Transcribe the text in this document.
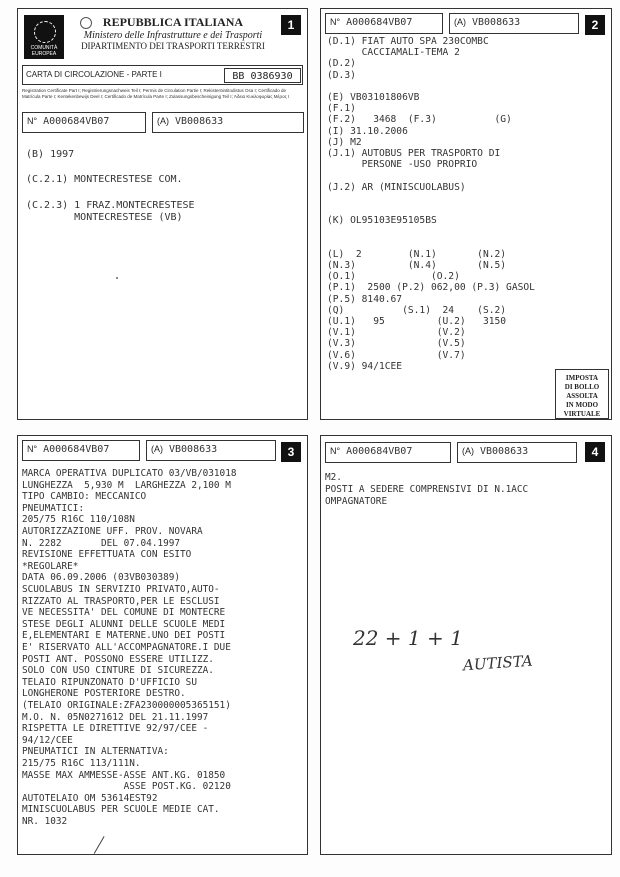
COMUNITÀ EUROPEA
REPUBBLICA ITALIANA
Ministero delle Infrastrutture e dei Trasporti
DIPARTIMENTO DEI TRASPORTI TERRESTRI
1
CARTA DI CIRCOLAZIONE - PARTE I	BB 0386930
Registration Certificate Part I; Registrierungsnachweis Teil I; Permis de Circulation Partie I; Rekisteröintitodistus Osa I; Certificado de Matrícula Parte I; Kentekenbewijs Deel I; Certificado de Matrícula Parte I; Zulassungsbescheinigung Teil I; Άδεια Κυκλοφορίας Μέρος I
N° A000684VB07	(A) VB008633
(B) 1997
(C.2.1) MONTECRESTESE COM.
(C.2.3) 1 FRAZ.MONTECRESTESE
MONTECRESTESE (VB)
2
N° A000684VB07	(A) VB008633
(D.1) FIAT AUTO SPA 230COMBC
CACCIAMALI-TEMA 2
(D.2)
(D.3)
(E) VB03101806VB
(F.1)
(F.2)   3468  (F.3)          (G)
(I) 31.10.2006
(J) M2
(J.1) AUTOBUS PER TRASPORTO DI
PERSONE -USO PROPRIO
(J.2) AR (MINISCUOLABUS)
(K) OL95103E95105BS
(L)  2        (N.1)       (N.2)
(N.3)         (N.4)       (N.5)
(O.1)             (O.2)
(P.1)  2500 (P.2) 062,00 (P.3) GASOL
(P.5) 8140.67
(Q)          (S.1)  24    (S.2)
(U.1)   95         (U.2)   3150
(V.1)              (V.2)
(V.3)              (V.5)
(V.6)              (V.7)
(V.9) 94/1CEE
IMPOSTA
DI BOLLO
ASSOLTA
IN MODO
VIRTUALE
3
N° A000684VB07	(A) VB008633
MARCA OPERATIVA DUPLICATO 03/VB/031018
LUNGHEZZA  5,930 M  LARGHEZZA 2,100 M
TIPO CAMBIO: MECCANICO
PNEUMATICI:
205/75 R16C 110/108N
AUTORIZZAZIONE UFF. PROV. NOVARA
N. 2282       DEL 07.04.1997
REVISIONE EFFETTUATA CON ESITO
*REGOLARE*
DATA 06.09.2006 (03VB030389)
SCUOLABUS IN SERVIZIO PRIVATO,AUTO-
RIZZATO AL TRASPORTO,PER LE ESCLUSI
VE NECESSITA' DEL COMUNE DI MONTECRE
STESE DEGLI ALUNNI DELLE SCUOLE MEDI
E,ELEMENTARI E MATERNE.UNO DEI POSTI
E' RISERVATO ALL'ACCOMPAGNATORE.I DUE
POSTI ANT. POSSONO ESSERE UTILIZZ.
SOLO CON USO CINTURE DI SICUREZZA.
TELAIO RIPUNZONATO D'UFFICIO SU
LONGHERONE POSTERIORE DESTRO.
(TELAIO ORIGINALE:ZFA230000005365151)
M.O. N. 05N0271612 DEL 21.11.1997
RISPETTA LE DIRETTIVE 92/97/CEE -
94/12/CEE
PNEUMATICI IN ALTERNATIVA:
215/75 R16C 113/111N.
MASSE MAX AMMESSE-ASSE ANT.KG. 01850
ASSE POST.KG. 02120
AUTOTELAIO OM 53614EST92
MINISCUOLABUS PER SCUOLE MEDIE CAT.
NR. 1032
4
N° A000684VB07	(A) VB008633
M2.
POSTI A SEDERE COMPRENSIVI DI N.1ACC
OMPAGNATORE
22 + 1 + 1
AUTISTA
